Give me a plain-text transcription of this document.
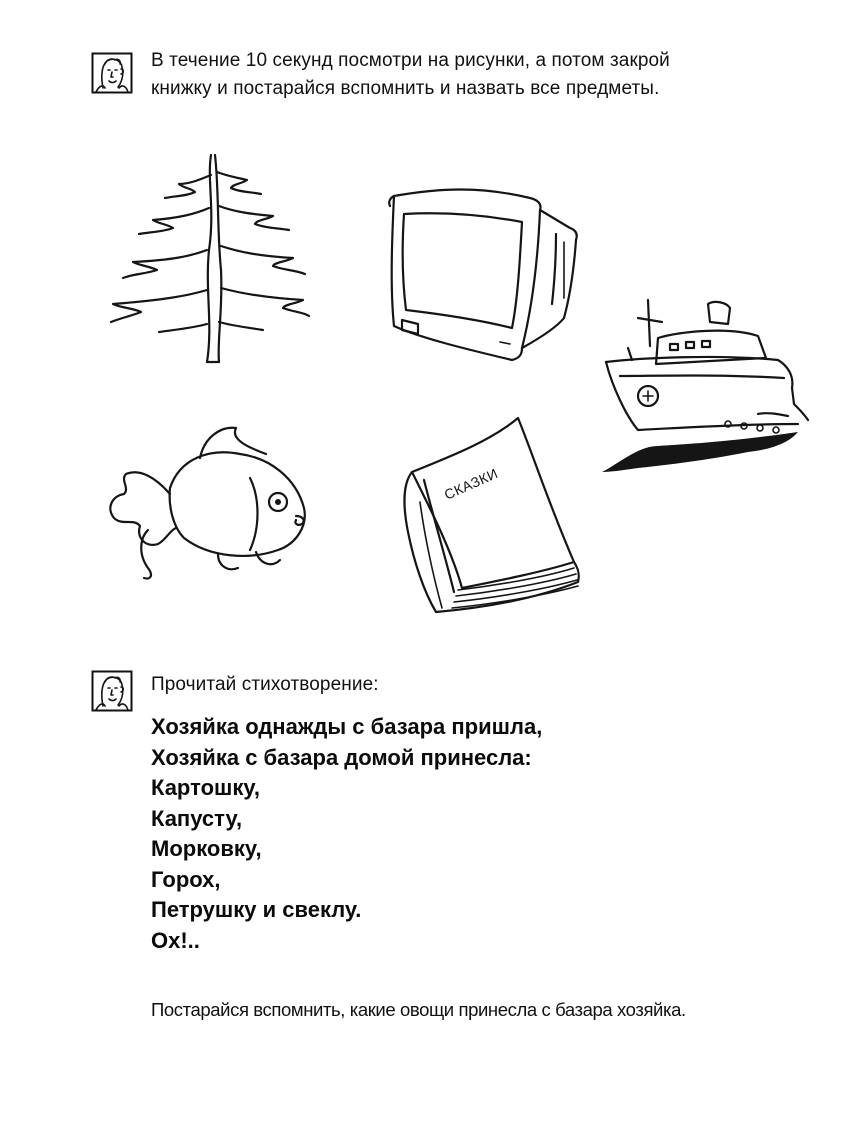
В течение 10 секунд посмотри на рисунки, а потом закрой
книжку и постарайся вспомнить и назвать все предметы.
СКАЗКИ
Прочитай стихотворение:
Хозяйка однажды с базара пришла,
Хозяйка с базара домой принесла:
Картошку,
Капусту,
Морковку,
Горох,
Петрушку и свеклу.
Ох!..
Постарайся вспомнить, какие овощи принесла с базара хозяйка.
